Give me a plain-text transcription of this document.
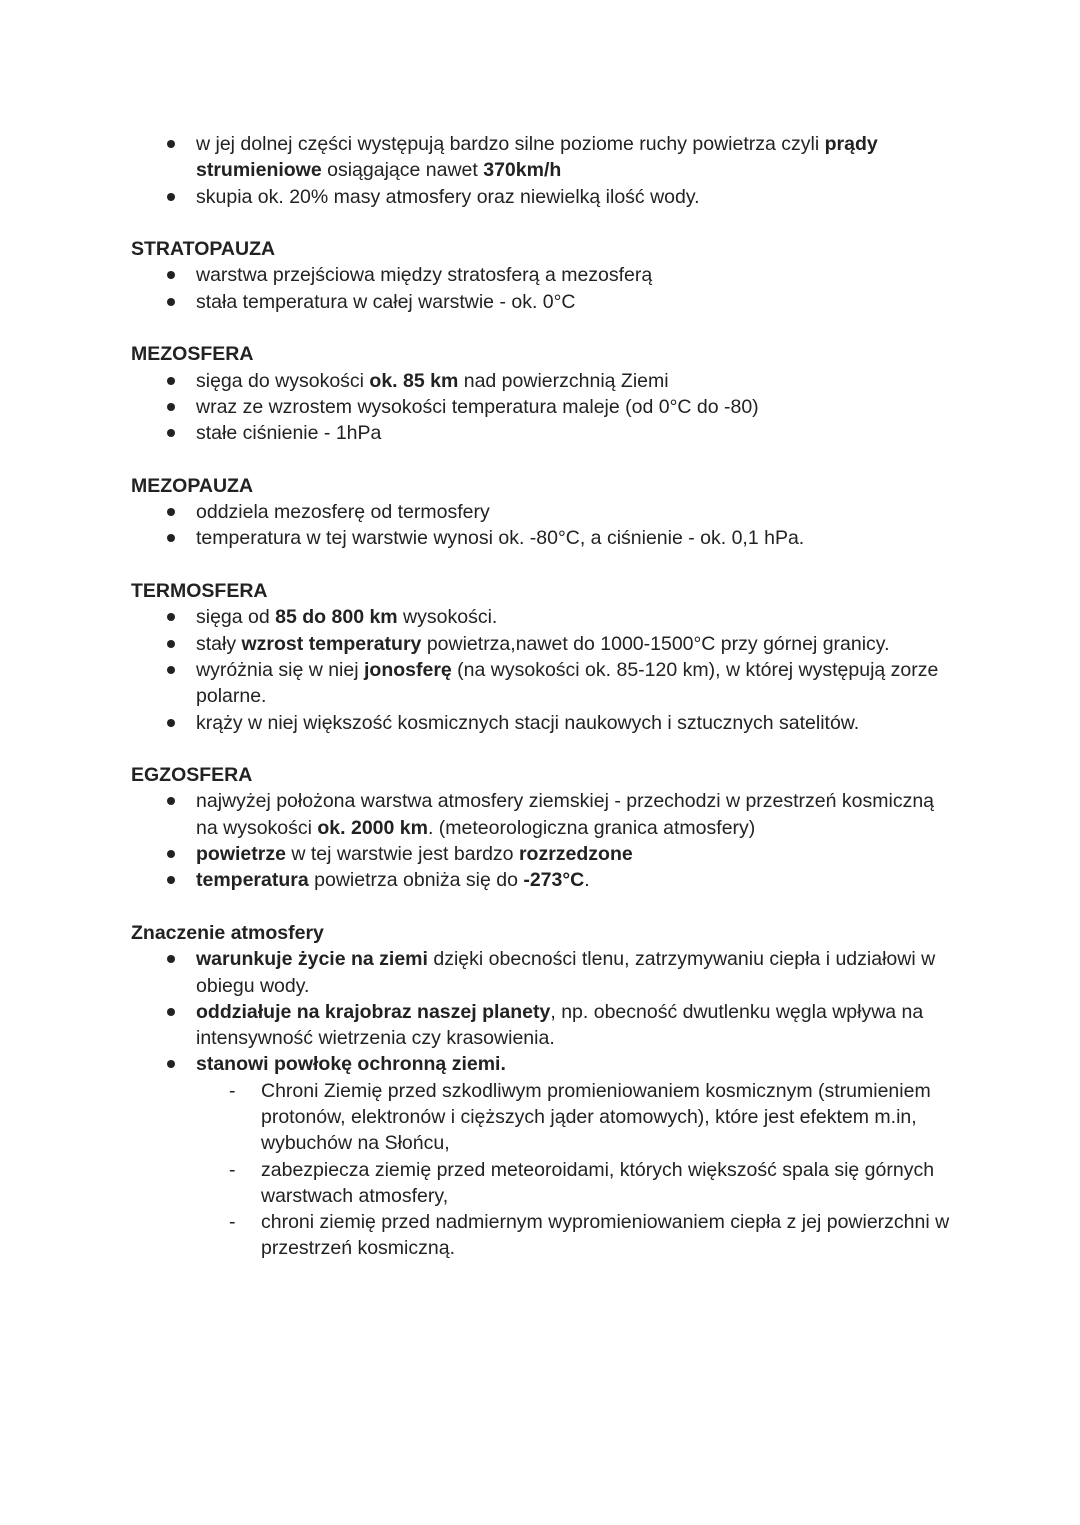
w jej dolnej części występują bardzo silne poziome ruchy powietrza czyli prądy strumieniowe osiągające nawet 370km/h
skupia ok. 20% masy atmosfery oraz niewielką ilość wody.
STRATOPAUZA
warstwa przejściowa między stratosferą a mezosferą
stała temperatura w całej warstwie - ok. 0°C
MEZOSFERA
sięga do wysokości ok. 85 km nad powierzchnią Ziemi
wraz ze wzrostem wysokości temperatura maleje (od 0°C do -80)
stałe ciśnienie - 1hPa
MEZOPAUZA
oddziela mezosferę od termosfery
temperatura w tej warstwie wynosi ok. -80°C, a ciśnienie - ok. 0,1 hPa.
TERMOSFERA
sięga od 85 do 800 km wysokości.
stały wzrost temperatury powietrza,nawet do 1000-1500°C przy górnej granicy.
wyróżnia się w niej jonosferę (na wysokości ok. 85-120 km), w której występują zorze polarne.
krąży w niej większość kosmicznych stacji naukowych i sztucznych satelitów.
EGZOSFERA
najwyżej położona warstwa atmosfery ziemskiej - przechodzi w przestrzeń kosmiczną na wysokości ok. 2000 km. (meteorologiczna granica atmosfery)
powietrze w tej warstwie jest bardzo rozrzedzone
temperatura powietrza obniża się do -273°C.
Znaczenie atmosfery
warunkuje życie na ziemi dzięki obecności tlenu, zatrzymywaniu ciepła i udziałowi w obiegu wody.
oddziałuje na krajobraz naszej planety, np. obecność dwutlenku węgla wpływa na intensywność wietrzenia czy krasowienia.
stanowi powłokę ochronną ziemi.
- Chroni Ziemię przed szkodliwym promieniowaniem kosmicznym (strumieniem protonów, elektronów i cięższych jąder atomowych), które jest efektem m.in, wybuchów na Słońcu,
- zabezpiecza ziemię przed meteoroidami, których większość spala się górnych warstwach atmosfery,
- chroni ziemię przed nadmiernym wypromieniowaniem ciepła z jej powierzchni w przestrzeń kosmiczną.
